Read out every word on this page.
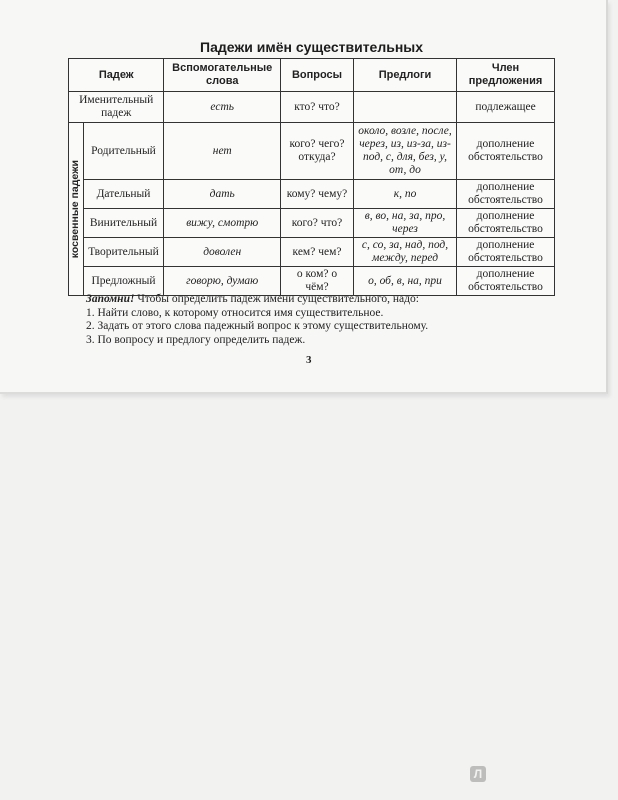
Падежи имён существительных
Падеж		Вспомогательные слова	Вопросы	Предлоги	Член предложения
Именительный падеж		есть	кто? что?		подлежащее

косвенные падежи	Родительный	нет	кого? чего? откуда?	около, возле, после, через, из, из-за, из-под, с, для, без, у, от, до	дополнение обстоятельство
	Дательный	дать	кому? чему?	к, по	дополнение обстоятельство
	Винительный	вижу, смотрю	кого? что?	в, во, на, за, про, через	дополнение обстоятельство
	Творительный	доволен	кем? чем?	с, со, за, над, под, между, перед	дополнение обстоятельство
	Предложный	говорю, думаю	о ком? о чём?	о, об, в, на, при	дополнение обстоятельство
Запомни! Чтобы определить падеж имени существительного, надо:
1. Найти слово, к которому относится имя существительное.
2. Задать от этого слова падежный вопрос к этому существительному.
3. По вопросу и предлогу определить падеж.
3
Л
